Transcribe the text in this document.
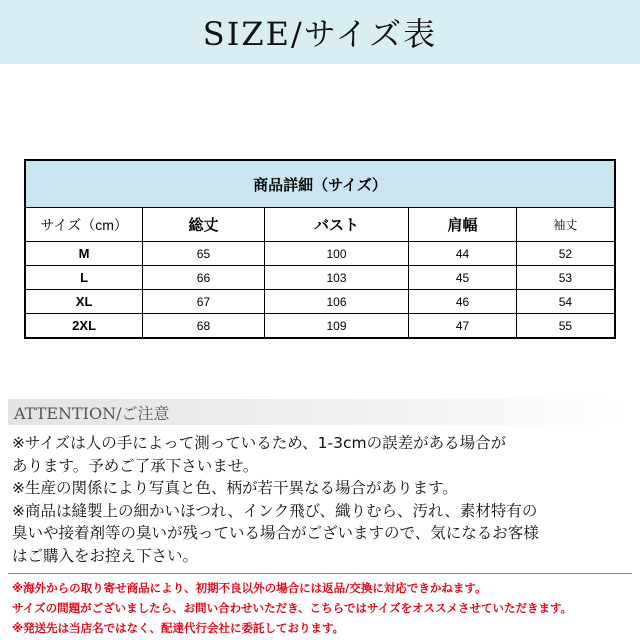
SIZE/サイズ表
商品詳細（サイズ）				
サイズ（cm）	総丈	バスト	肩幅	袖丈
M	65	100	44	52
L	66	103	45	53
XL	67	106	46	54
2XL	68	109	47	55
ATTENTION/ご注意

※サイズは人の手によって測っているため、1-3cmの誤差がある場合が

あります。予めご了承下さいませ。

※生産の関係により写真と色、柄が若干異なる場合があります。

※商品は縫製上の細かいほつれ、インク飛び、織りむら、汚れ、素材特有の

臭いや接着剤等の臭いが残っている場合がございますので、気になるお客様

はご購入をお控え下さい。

※海外からの取り寄せ商品により、初期不良以外の場合には返品/交換に対応できかねます。

サイズの問題がございましたら、お問い合わせいただき、こちらではサイズをオススメさせていただきます。

※発送先は当店名ではなく、配達代行会社に委託しております。
